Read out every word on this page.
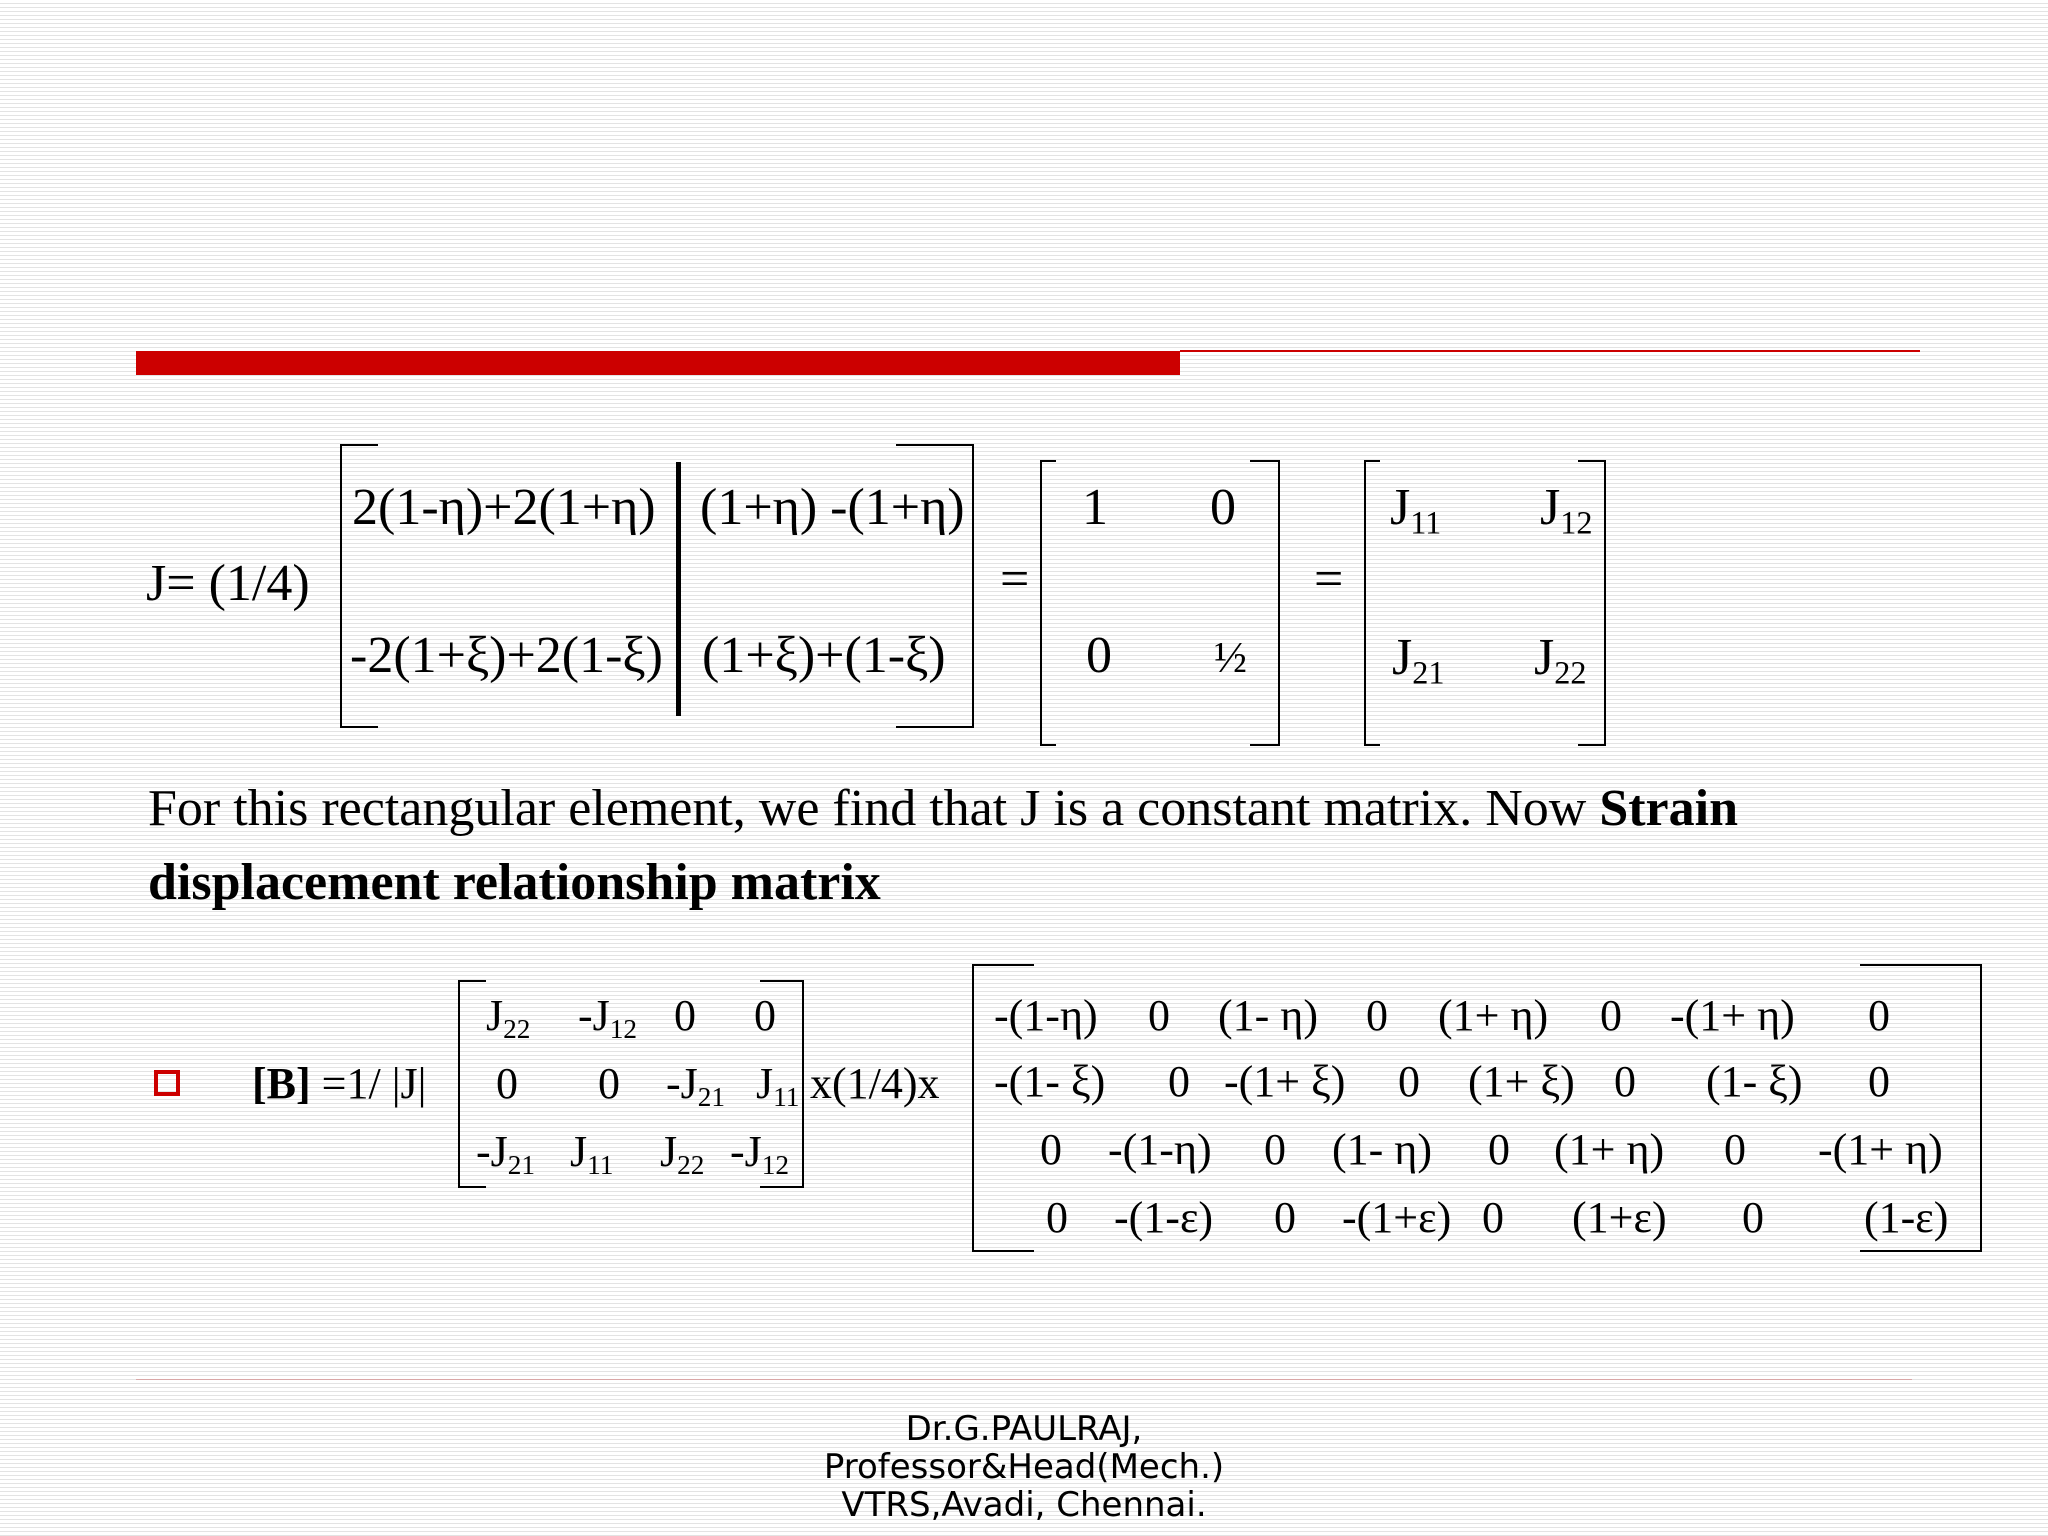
J= (1/4)
2(1-η)+2(1+η) (1+η) -(1+η)
-2(1+ξ)+2(1-ξ) (1+ξ)+(1-ξ)
=
1 0
0 ½
=
$J_{11}$ $J_{12}$
$J_{21}$ $J_{22}$
For this rectangular element, we find that J is a constant matrix. Now Strain displacement relationship matrix
[B] =1/ |J|
$J_{22}$ $-J_{12}$ 0 0
0 0 $-J_{21}$ $J_{11}$
$-J_{21}$ $J_{11}$ $J_{22}$ $-J_{12}$
x(1/4)x
-(1-η) 0 (1- η) 0 (1+ η) 0 -(1+ η) 0
-(1- ξ) 0 -(1+ ξ) 0 (1+ ξ) 0 (1- ξ) 0
0 -(1-η) 0 (1- η) 0 (1+ η) 0 -(1+ η)
0 -(1-ε) 0 -(1+ε) 0 (1+ε) 0 (1-ε)
Dr.G.PAULRAJ,
Professor&Head(Mech.)
VTRS,Avadi, Chennai.
